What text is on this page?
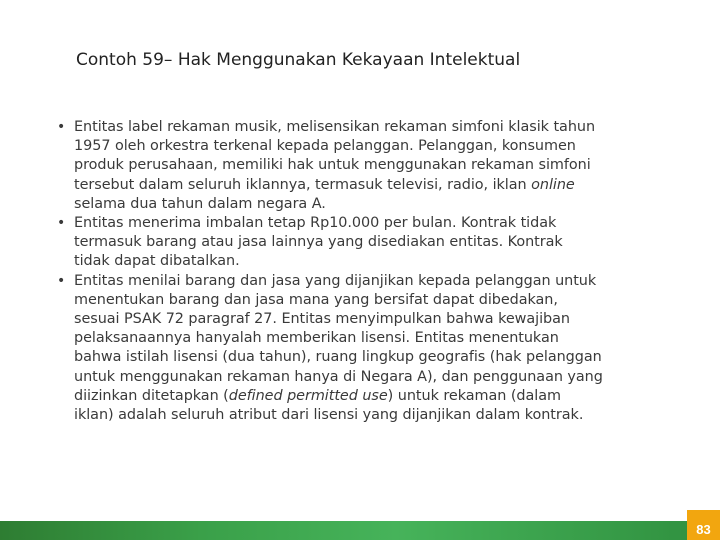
Contoh 59– Hak Menggunakan Kekayaan Intelektual
• Entitas label rekaman musik, melisensikan rekaman simfoni klasik tahun
1957 oleh orkestra terkenal kepada pelanggan. Pelanggan, konsumen
produk perusahaan, memiliki hak untuk menggunakan rekaman simfoni
tersebut dalam seluruh iklannya, termasuk televisi, radio, iklan online
selama dua tahun dalam negara A.
• Entitas menerima imbalan tetap Rp10.000 per bulan. Kontrak tidak
termasuk barang atau jasa lainnya yang disediakan entitas. Kontrak
tidak dapat dibatalkan.
• Entitas menilai barang dan jasa yang dijanjikan kepada pelanggan untuk
menentukan barang dan jasa mana yang bersifat dapat dibedakan,
sesuai PSAK 72 paragraf 27. Entitas menyimpulkan bahwa kewajiban
pelaksanaannya hanyalah memberikan lisensi. Entitas menentukan
bahwa istilah lisensi (dua tahun), ruang lingkup geografis (hak pelanggan
untuk menggunakan rekaman hanya di Negara A), dan penggunaan yang
diizinkan ditetapkan (defined permitted use) untuk rekaman (dalam
iklan) adalah seluruh atribut dari lisensi yang dijanjikan dalam kontrak.
83
